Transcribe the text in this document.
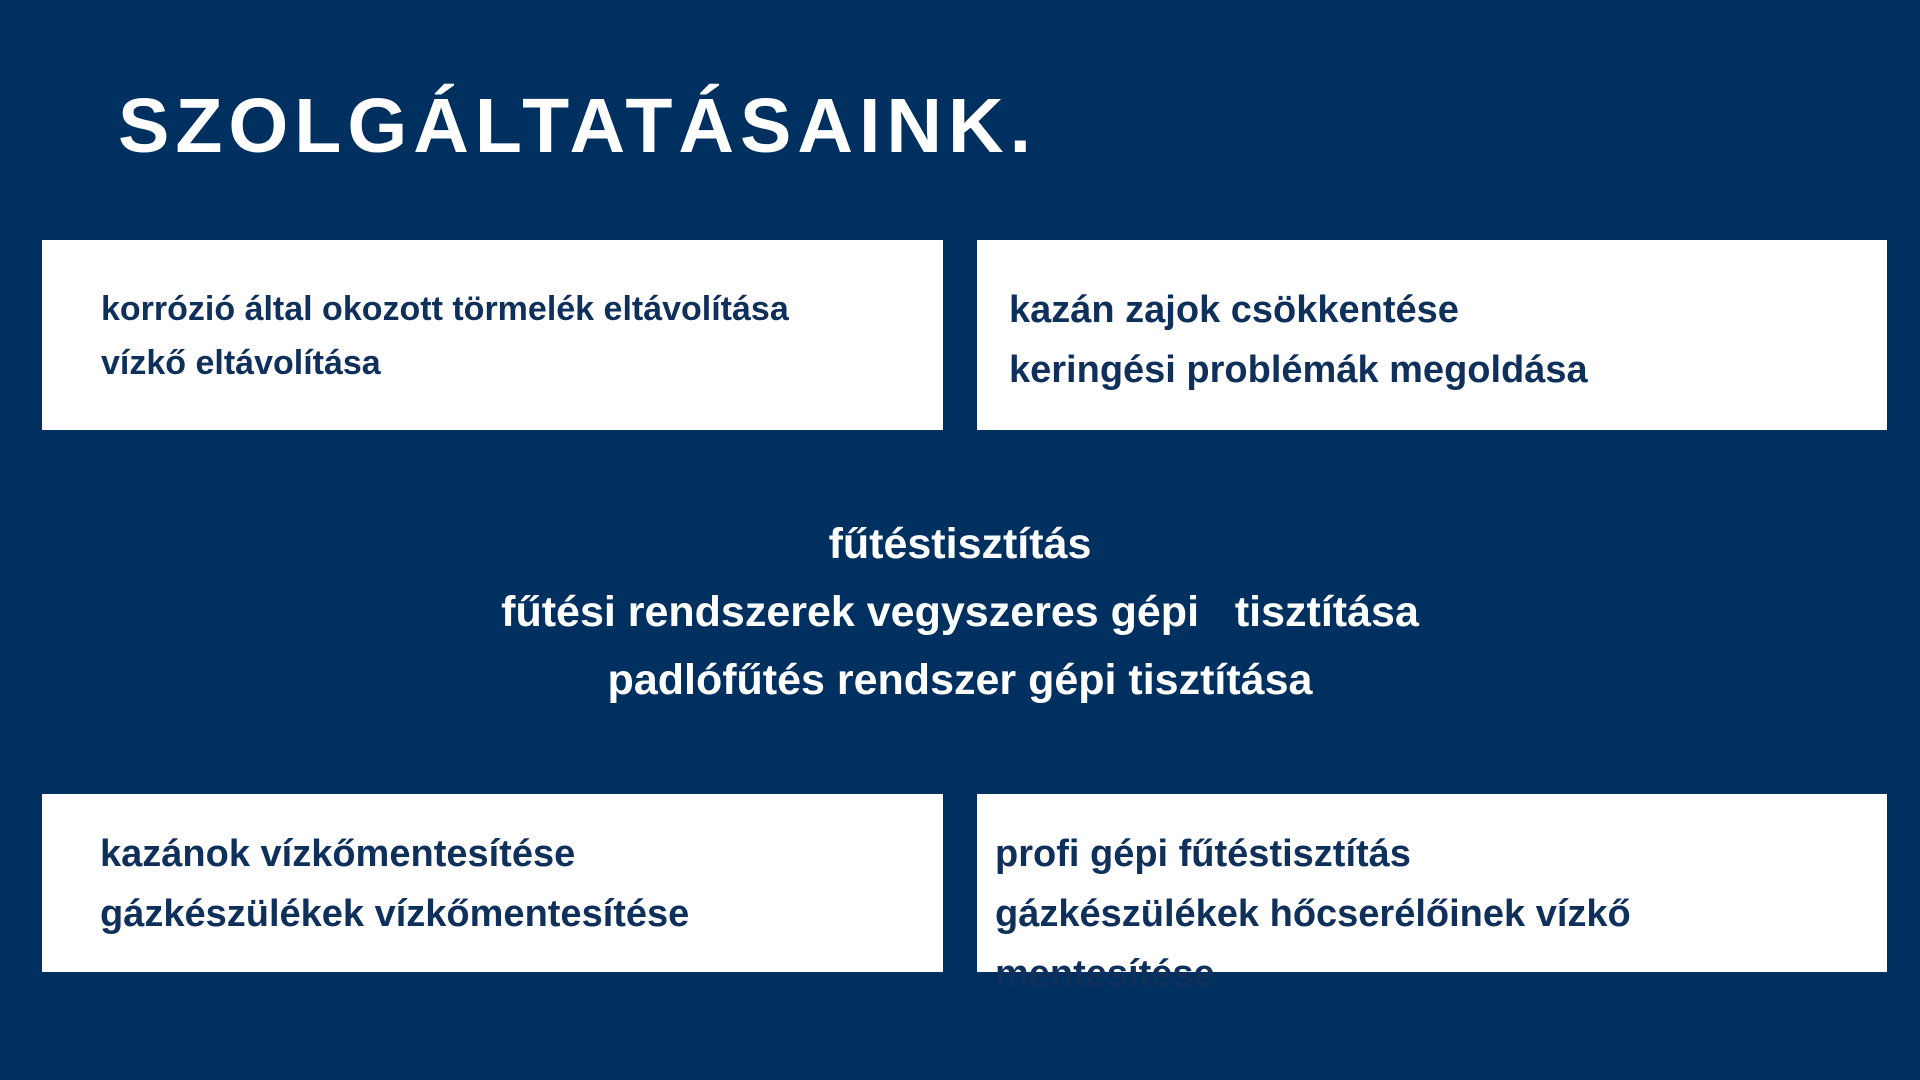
SZOLGÁLTATÁSAINK.
korrózió által okozott törmelék eltávolítása
vízkő eltávolítása
kazán zajok csökkentése
keringési problémák megoldása
fűtéstisztítás
fűtési rendszerek vegyszeres gépi   tisztítása
padlófűtés rendszer gépi tisztítása
kazánok vízkőmentesítése
gázkészülékek vízkőmentesítése
profi gépi fűtéstisztítás
gázkészülékek hőcserélőinek vízkő
mentesítése
